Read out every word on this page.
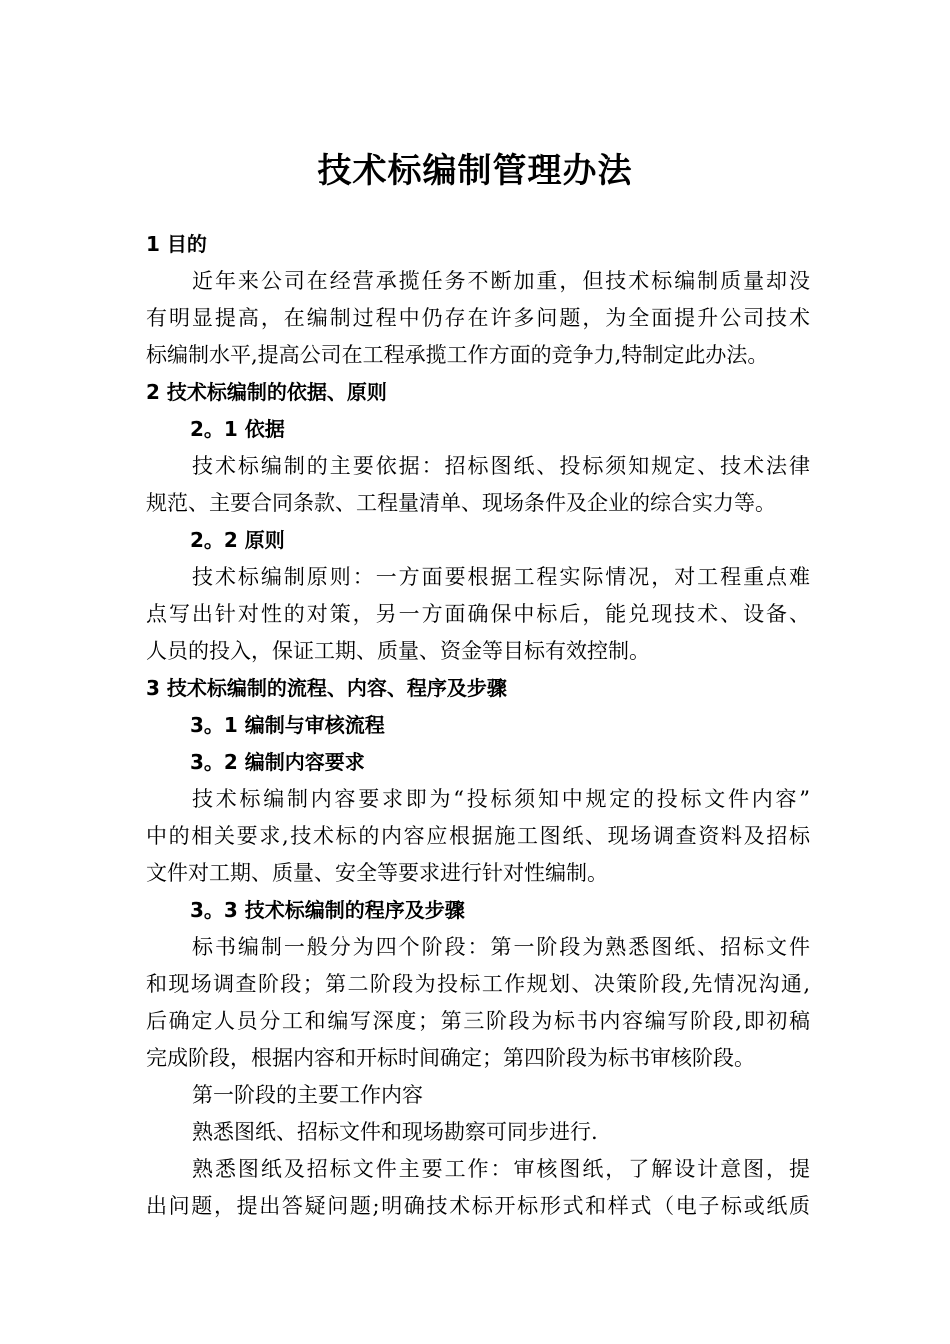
技术标编制管理办法
1 目的
近年来公司在经营承揽任务不断加重，但技术标编制质量却没
有明显提高，在编制过程中仍存在许多问题，为全面提升公司技术
标编制水平,提高公司在工程承揽工作方面的竞争力,特制定此办法。
2 技术标编制的依据、原则
2。1 依据
技术标编制的主要依据：招标图纸、投标须知规定、技术法律
规范、主要合同条款、工程量清单、现场条件及企业的综合实力等。
2。2 原则
技术标编制原则：一方面要根据工程实际情况，对工程重点难
点写出针对性的对策，另一方面确保中标后，能兑现技术、设备、
人员的投入，保证工期、质量、资金等目标有效控制。
3 技术标编制的流程、内容、程序及步骤
3。1 编制与审核流程
3。2 编制内容要求
技术标编制内容要求即为“投标须知中规定的投标文件内容”
中的相关要求,技术标的内容应根据施工图纸、现场调查资料及招标
文件对工期、质量、安全等要求进行针对性编制。
3。3 技术标编制的程序及步骤
标书编制一般分为四个阶段：第一阶段为熟悉图纸、招标文件
和现场调查阶段；第二阶段为投标工作规划、决策阶段,先情况沟通,
后确定人员分工和编写深度；第三阶段为标书内容编写阶段,即初稿
完成阶段，根据内容和开标时间确定；第四阶段为标书审核阶段。
第一阶段的主要工作内容
熟悉图纸、招标文件和现场勘察可同步进行.
熟悉图纸及招标文件主要工作：审核图纸，了解设计意图，提
出问题，提出答疑问题;明确技术标开标形式和样式（电子标或纸质
